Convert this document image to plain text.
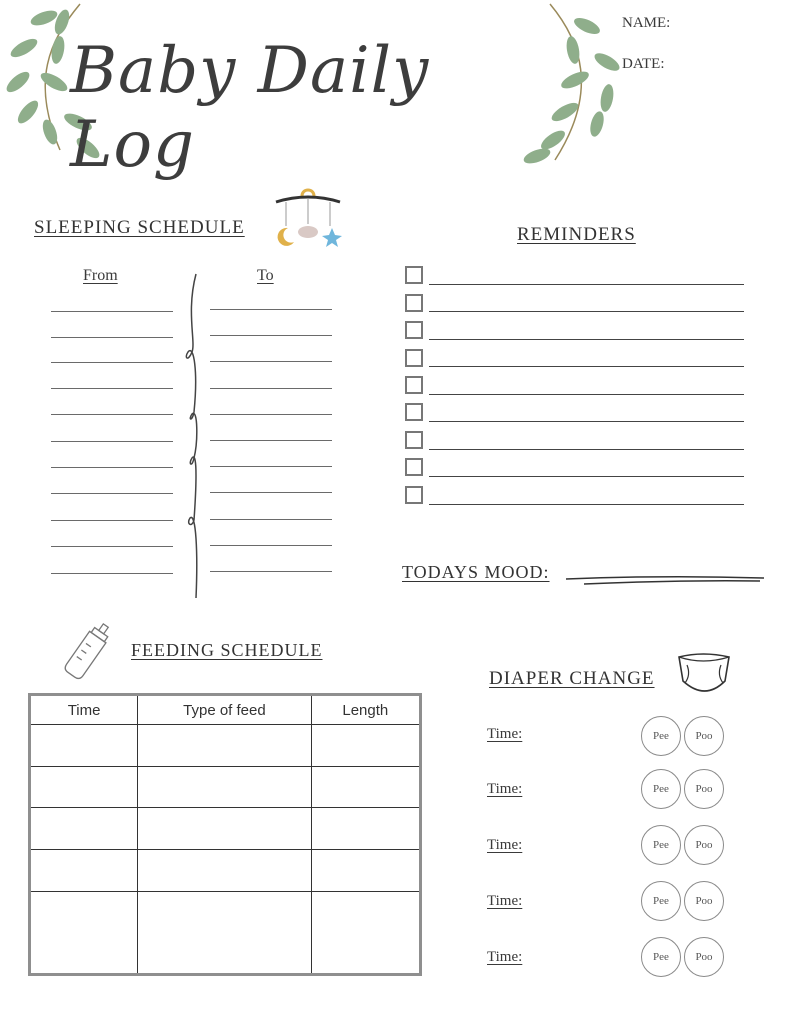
Baby Daily Log
NAME:
DATE:
SLEEPING SCHEDULE
From	To
REMINDERS
TODAYS MOOD:
FEEDING SCHEDULE
Time	Type of feed	Length

DIAPER CHANGE
Time:	Pee	Poo
Time:	Pee	Poo
Time:	Pee	Poo
Time:	Pee	Poo
Time:	Pee	Poo
